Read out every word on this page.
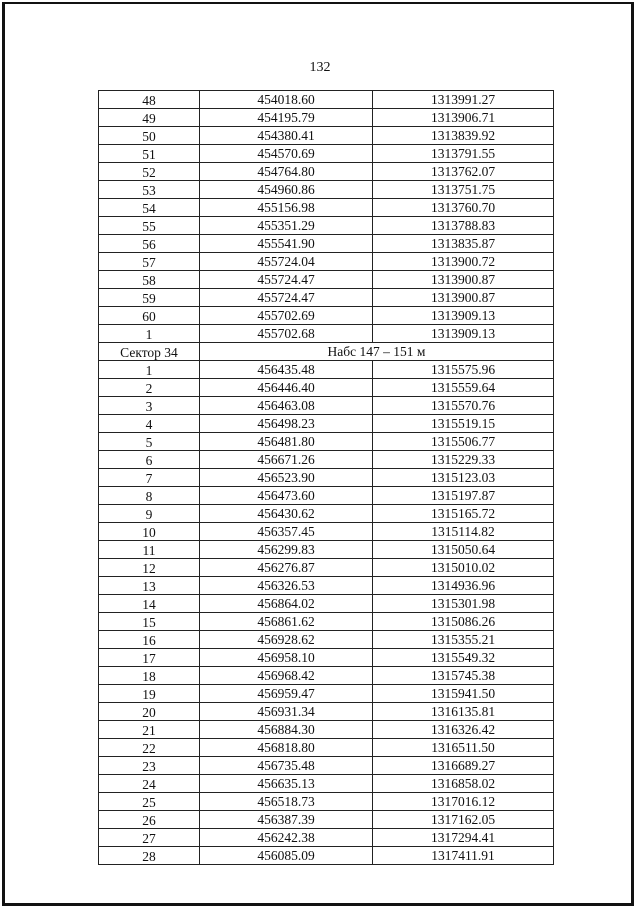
132
48	454018.60	1313991.27
49	454195.79	1313906.71
50	454380.41	1313839.92
51	454570.69	1313791.55
52	454764.80	1313762.07
53	454960.86	1313751.75
54	455156.98	1313760.70
55	455351.29	1313788.83
56	455541.90	1313835.87
57	455724.04	1313900.72
58	455724.47	1313900.87
59	455724.47	1313900.87
60	455702.69	1313909.13
1	455702.68	1313909.13
Сектор 34	Набс 147 – 151 м	
1	456435.48	1315575.96
2	456446.40	1315559.64
3	456463.08	1315570.76
4	456498.23	1315519.15
5	456481.80	1315506.77
6	456671.26	1315229.33
7	456523.90	1315123.03
8	456473.60	1315197.87
9	456430.62	1315165.72
10	456357.45	1315114.82
11	456299.83	1315050.64
12	456276.87	1315010.02
13	456326.53	1314936.96
14	456864.02	1315301.98
15	456861.62	1315086.26
16	456928.62	1315355.21
17	456958.10	1315549.32
18	456968.42	1315745.38
19	456959.47	1315941.50
20	456931.34	1316135.81
21	456884.30	1316326.42
22	456818.80	1316511.50
23	456735.48	1316689.27
24	456635.13	1316858.02
25	456518.73	1317016.12
26	456387.39	1317162.05
27	456242.38	1317294.41
28	456085.09	1317411.91
